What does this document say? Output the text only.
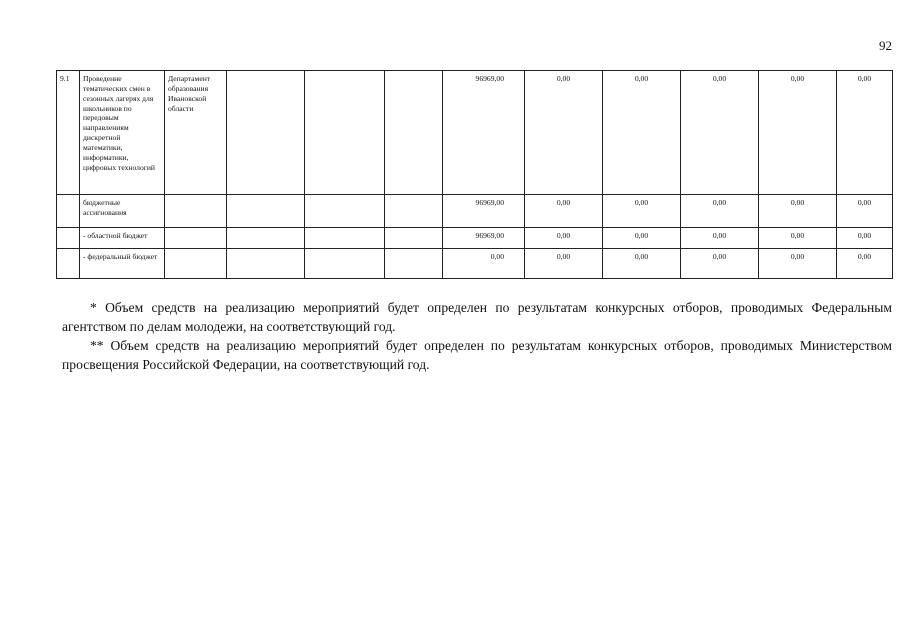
92
9.1	Проведение тематических смен в сезонных лагерях для школьников по передовым направлениям дискретной математики, информатики, цифровых технологий	Департамент образования Ивановской области				96969,00	0,00	0,00	0,00	0,00	0,00
	бюджетные ассигнования					96969,00	0,00	0,00	0,00	0,00	0,00
	- областной бюджет					96969,00	0,00	0,00	0,00	0,00	0,00
	- федеральный бюджет					0,00	0,00	0,00	0,00	0,00	0,00

* Объем средств на реализацию мероприятий будет определен по результатам конкурсных отборов, проводимых Федеральным агентством по делам молодежи, на соответствующий год.

** Объем средств на реализацию мероприятий будет определен по результатам конкурсных отборов, проводимых Министерством просвещения Российской Федерации, на соответствующий год.
